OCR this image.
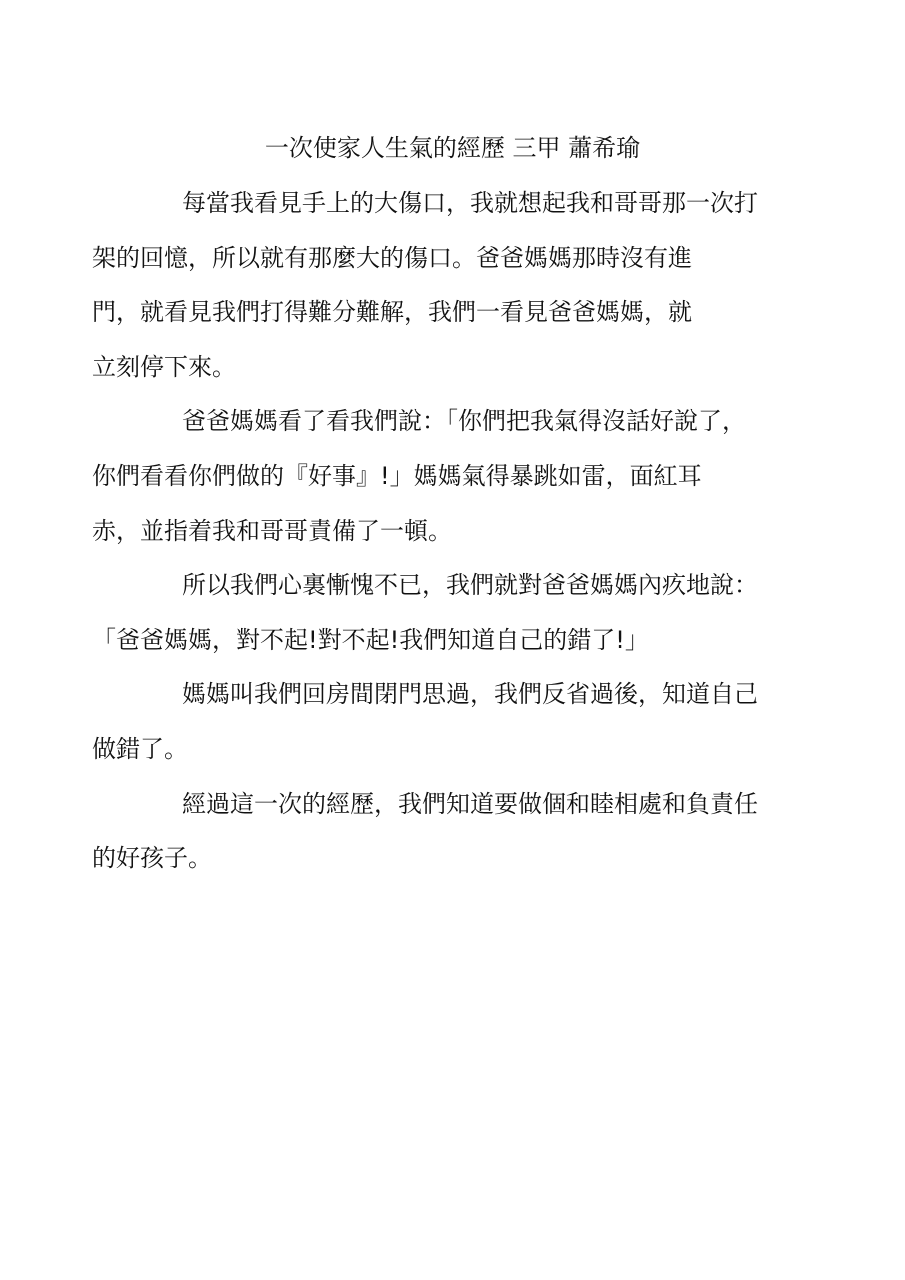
一次使家人生氣的經歷 三甲 蕭希瑜

每當我看見手上的大傷口，我就想起我和哥哥那一次打
架的回憶，所以就有那麼大的傷口。爸爸媽媽那時沒有進
門，就看見我們打得難分難解，我們一看見爸爸媽媽，就
立刻停下來。

爸爸媽媽看了看我們說：「你們把我氣得沒話好說了，
你們看看你們做的『好事』!」媽媽氣得暴跳如雷，面紅耳
赤，並指着我和哥哥責備了一頓。

所以我們心裏慚愧不已，我們就對爸爸媽媽內疚地說：
「爸爸媽媽，對不起!對不起!我們知道自己的錯了!」

媽媽叫我們回房間閉門思過，我們反省過後，知道自己
做錯了。

經過這一次的經歷，我們知道要做個和睦相處和負責任
的好孩子。
